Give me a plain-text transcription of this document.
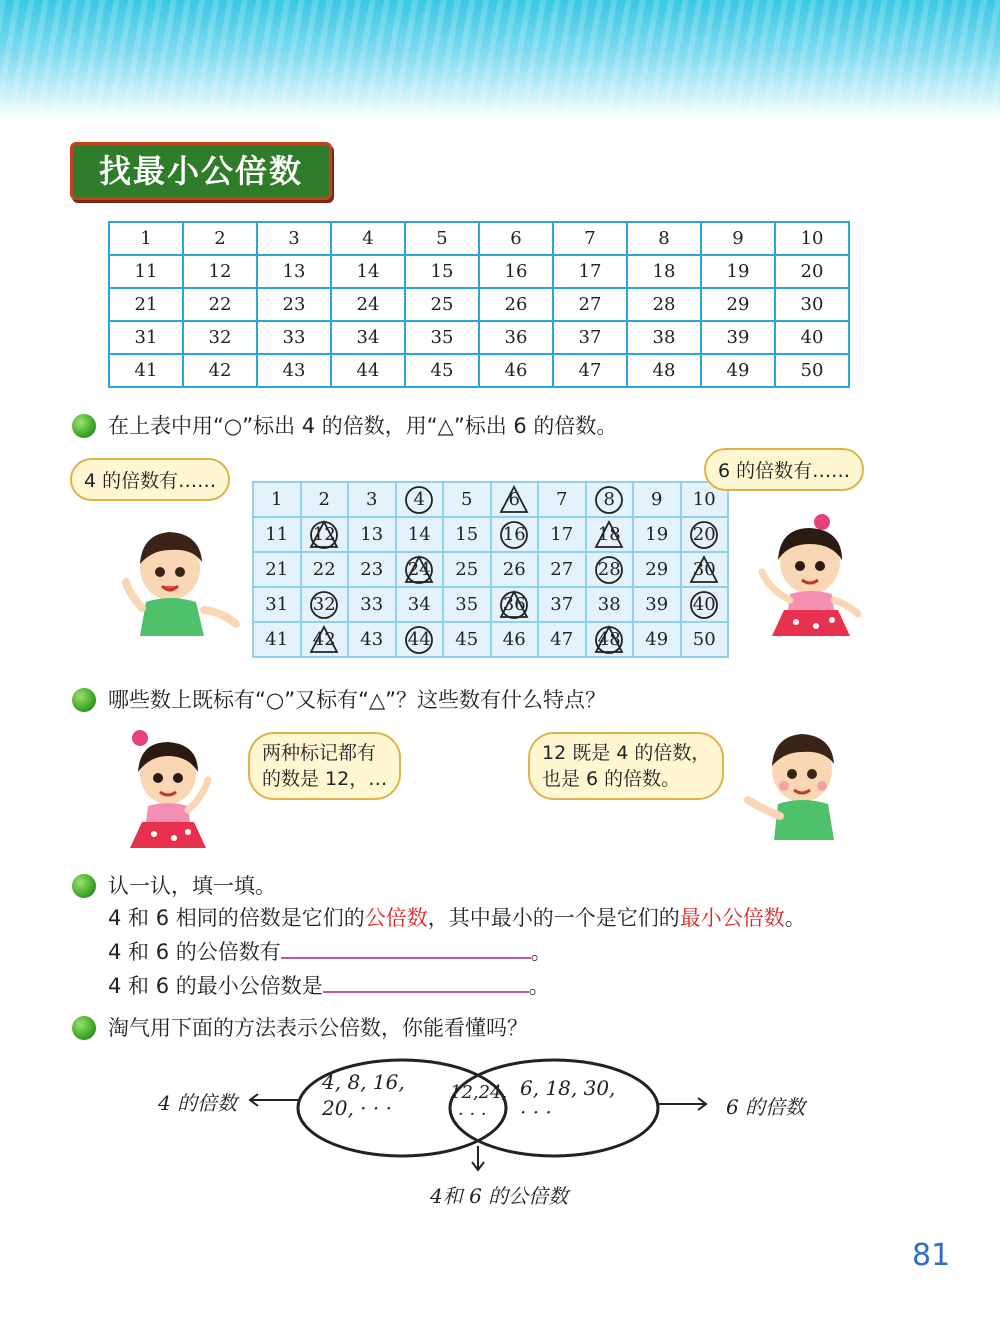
找最小公倍数
1	2	3	4	5	6	7	8	9	10
11	12	13	14	15	16	17	18	19	20
21	22	23	24	25	26	27	28	29	30
31	32	33	34	35	36	37	38	39	40
41	42	43	44	45	46	47	48	49	50
在上表中用“○”标出 4 的倍数，用“△”标出 6 的倍数。
4 的倍数有……
1	2	3	4	5	6	7	8	9	10
11	12	13	14	15	16	17	18	19	20
21	22	23	24	25	26	27	28	29	30
31	32	33	34	35	36	37	38	39	40
41	42	43	44	45	46	47	48	49	50
6 的倍数有……
哪些数上既标有“○”又标有“△”？这些数有什么特点？
两种标记都有
的数是 12，…
12 既是 4 的倍数，
也是 6 的倍数。
认一认，填一填。
4 和 6 相同的倍数是它们的公倍数，其中最小的一个是它们的最小公倍数。
4 和 6 的公倍数有	。
4 和 6 的最小公倍数是	。
淘气用下面的方法表示公倍数，你能看懂吗？
4 的倍数	6 的倍数
4和 6 的公倍数
4, 8, 16,
20, · · ·
12,24,
· · ·
6, 18, 30,
· · ·
81
